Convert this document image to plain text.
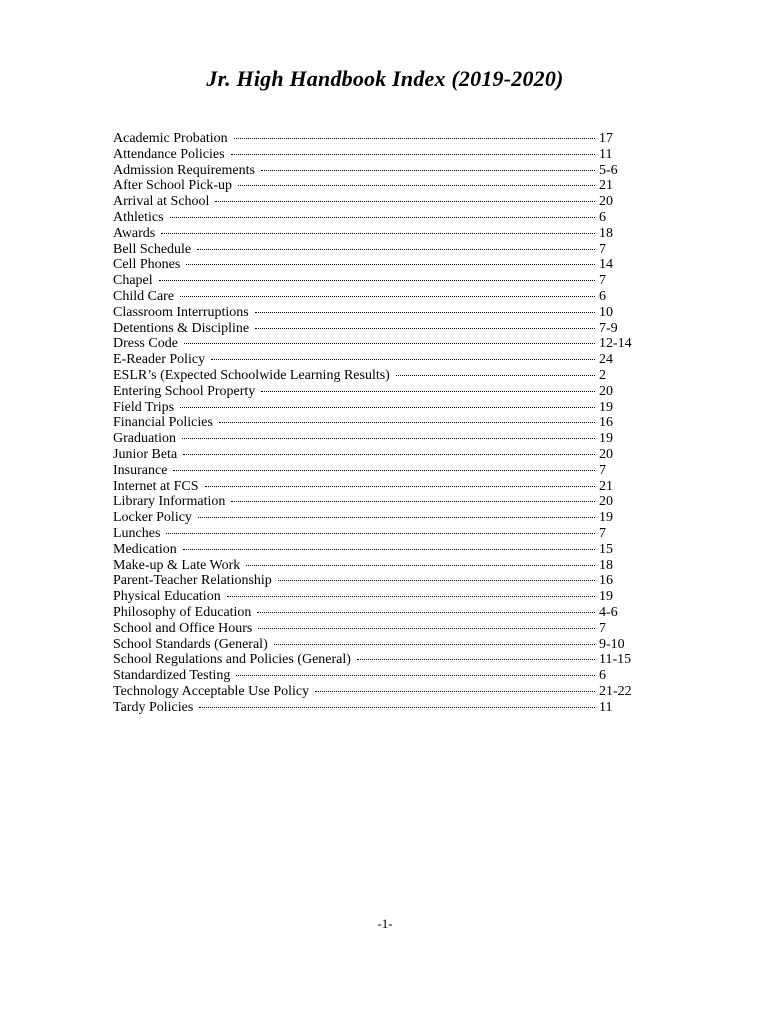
Jr. High Handbook Index (2019-2020)
Academic Probation	17
Attendance Policies	11
Admission Requirements	5-6
After School Pick-up	21
Arrival at School	20
Athletics	6
Awards	18
Bell Schedule	7
Cell Phones	14
Chapel	7
Child Care	6
Classroom Interruptions	10
Detentions & Discipline	7-9
Dress Code	12-14
E-Reader Policy	24
ESLR’s (Expected Schoolwide Learning Results)	2
Entering School Property	20
Field Trips	19
Financial Policies	16
Graduation	19
Junior Beta	20
Insurance	7
Internet at FCS	21
Library Information	20
Locker Policy	19
Lunches	7
Medication	15
Make-up & Late Work	18
Parent-Teacher Relationship	16
Physical Education	19
Philosophy of Education	4-6
School and Office Hours	7
School Standards (General)	9-10
School Regulations and Policies (General)	11-15
Standardized Testing	6
Technology Acceptable Use Policy	21-22
Tardy Policies	11
-1-
